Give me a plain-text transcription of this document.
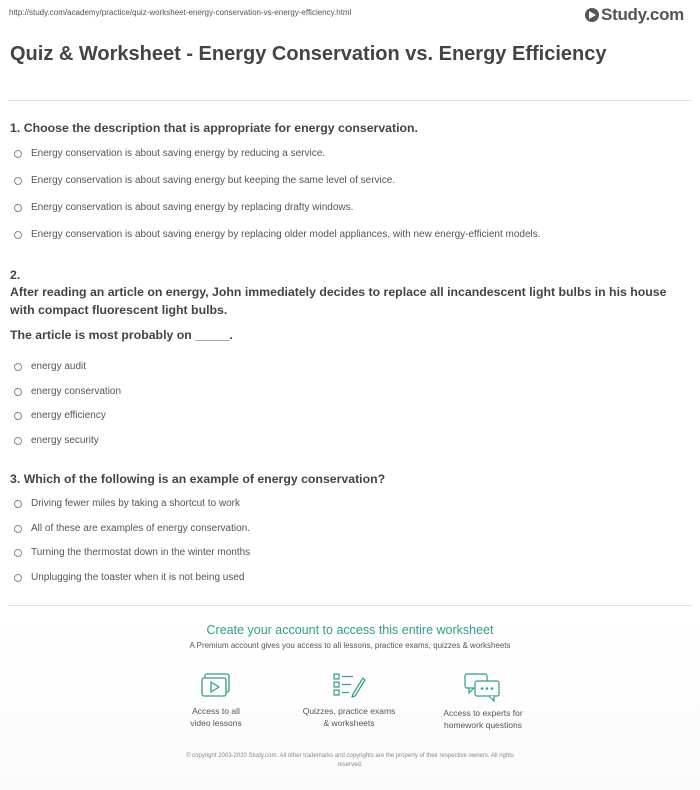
http://study.com/academy/practice/quiz-worksheet-energy-conservation-vs-energy-efficiency.html	Study.com
Quiz & Worksheet - Energy Conservation vs. Energy Efficiency
1. Choose the description that is appropriate for energy conservation.
Energy conservation is about saving energy by reducing a service.
Energy conservation is about saving energy but keeping the same level of service.
Energy conservation is about saving energy by replacing drafty windows.
Energy conservation is about saving energy by replacing older model appliances, with new energy-efficient models.
2.
After reading an article on energy, John immediately decides to replace all incandescent light bulbs in his house with compact fluorescent light bulbs.
The article is most probably on _____.
energy audit
energy conservation
energy efficiency
energy security
3. Which of the following is an example of energy conservation?
Driving fewer miles by taking a shortcut to work
All of these are examples of energy conservation.
Turning the thermostat down in the winter months
Unplugging the toaster when it is not being used
Create your account to access this entire worksheet
A Premium account gives you access to all lessons, practice exams, quizzes & worksheets
Access to all
video lessons
Quizzes, practice exams
& worksheets
Access to experts for
homework questions
© copyright 2003-2020 Study.com. All other trademarks and copyrights are the property of their respective owners. All rights
reserved.
